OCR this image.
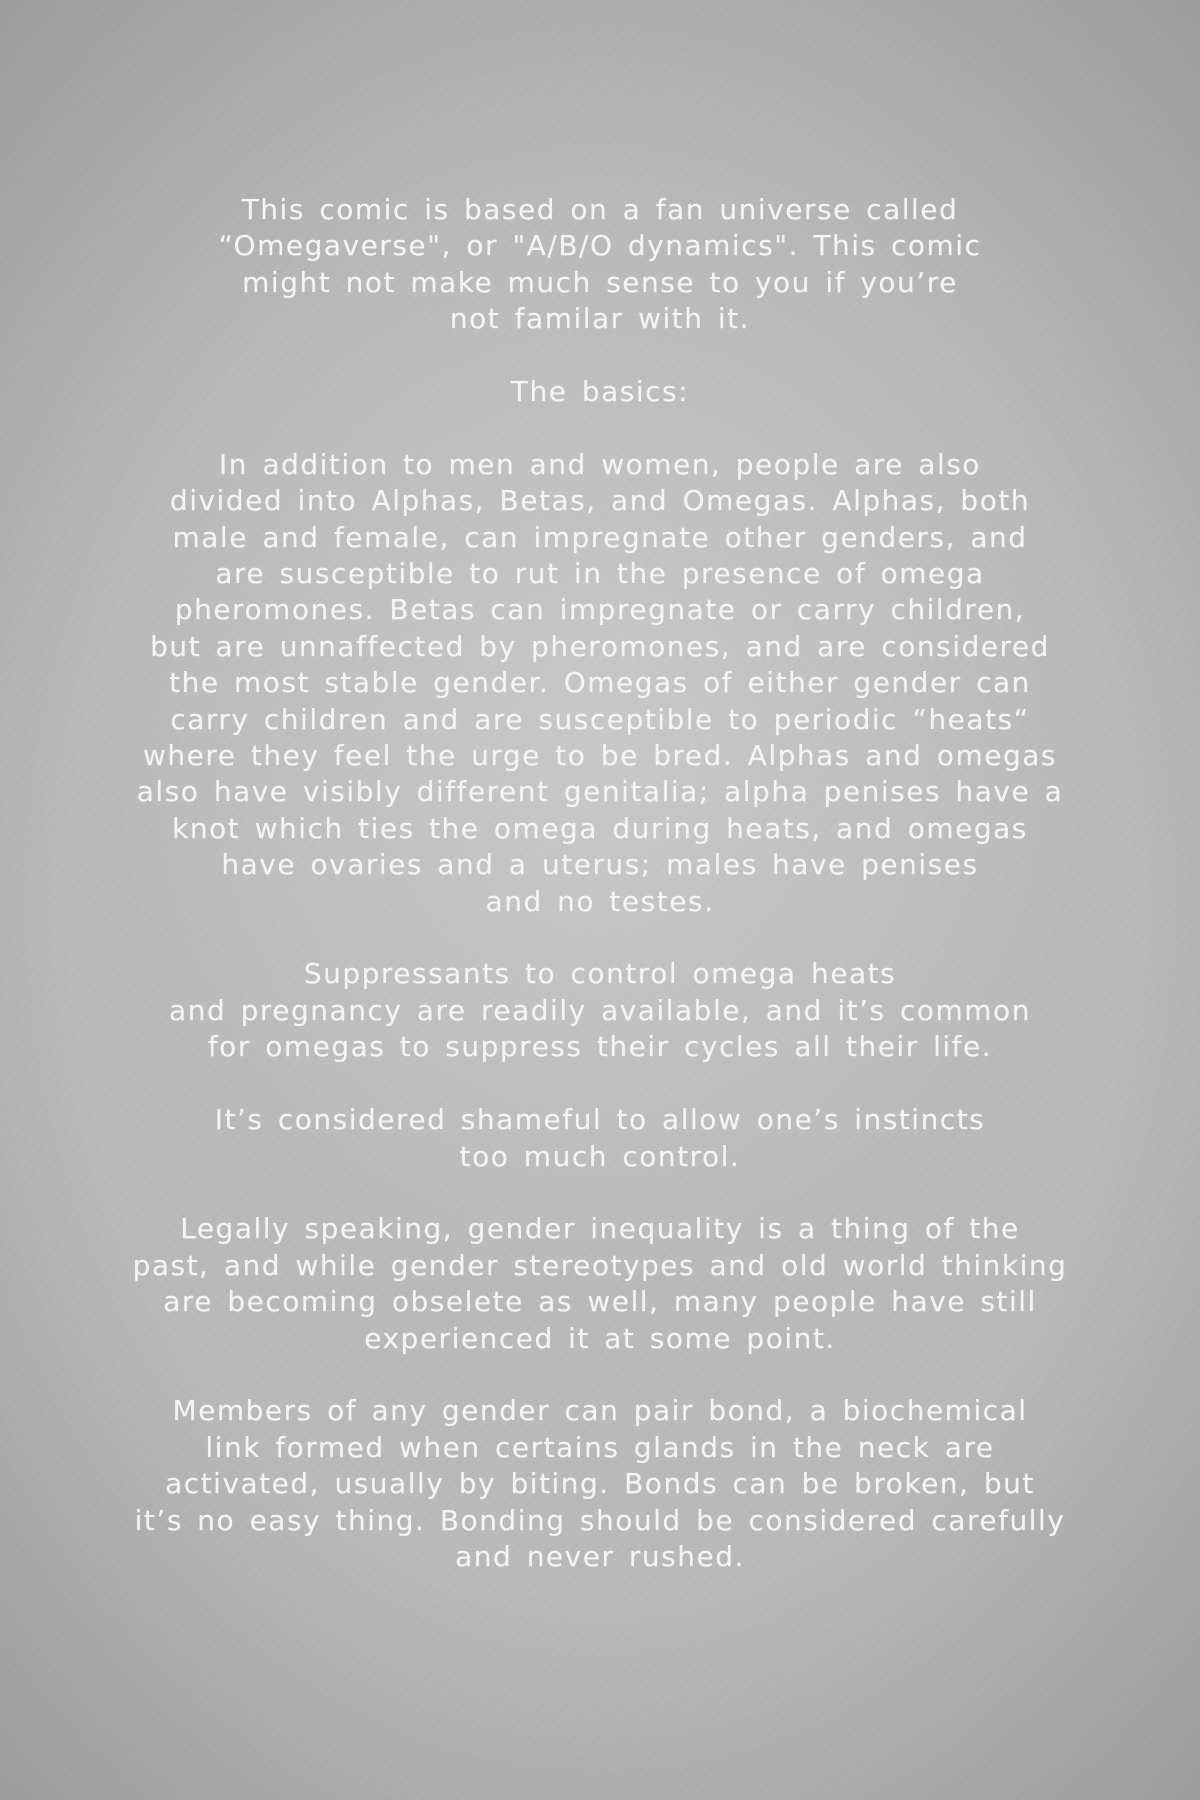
This comic is based on a fan universe called
“Omegaverse", or "A/B/O dynamics". This comic
might not make much sense to you if you’re
not familar with it.

The basics:

In addition to men and women, people are also
divided into Alphas, Betas, and Omegas. Alphas, both
male and female, can impregnate other genders, and
are susceptible to rut in the presence of omega
pheromones. Betas can impregnate or carry children,
but are unnaffected by pheromones, and are considered
the most stable gender. Omegas of either gender can
carry children and are susceptible to periodic “heats“
where they feel the urge to be bred. Alphas and omegas
also have visibly different genitalia; alpha penises have a
knot which ties the omega during heats, and omegas
have ovaries and a uterus; males have penises
and no testes.

Suppressants to control omega heats
and pregnancy are readily available, and it’s common
for omegas to suppress their cycles all their life.

It’s considered shameful to allow one’s instincts
too much control.

Legally speaking, gender inequality is a thing of the
past, and while gender stereotypes and old world thinking
are becoming obselete as well, many people have still
experienced it at some point.

Members of any gender can pair bond, a biochemical
link formed when certains glands in the neck are
activated, usually by biting. Bonds can be broken, but
it’s no easy thing. Bonding should be considered carefully
and never rushed.
